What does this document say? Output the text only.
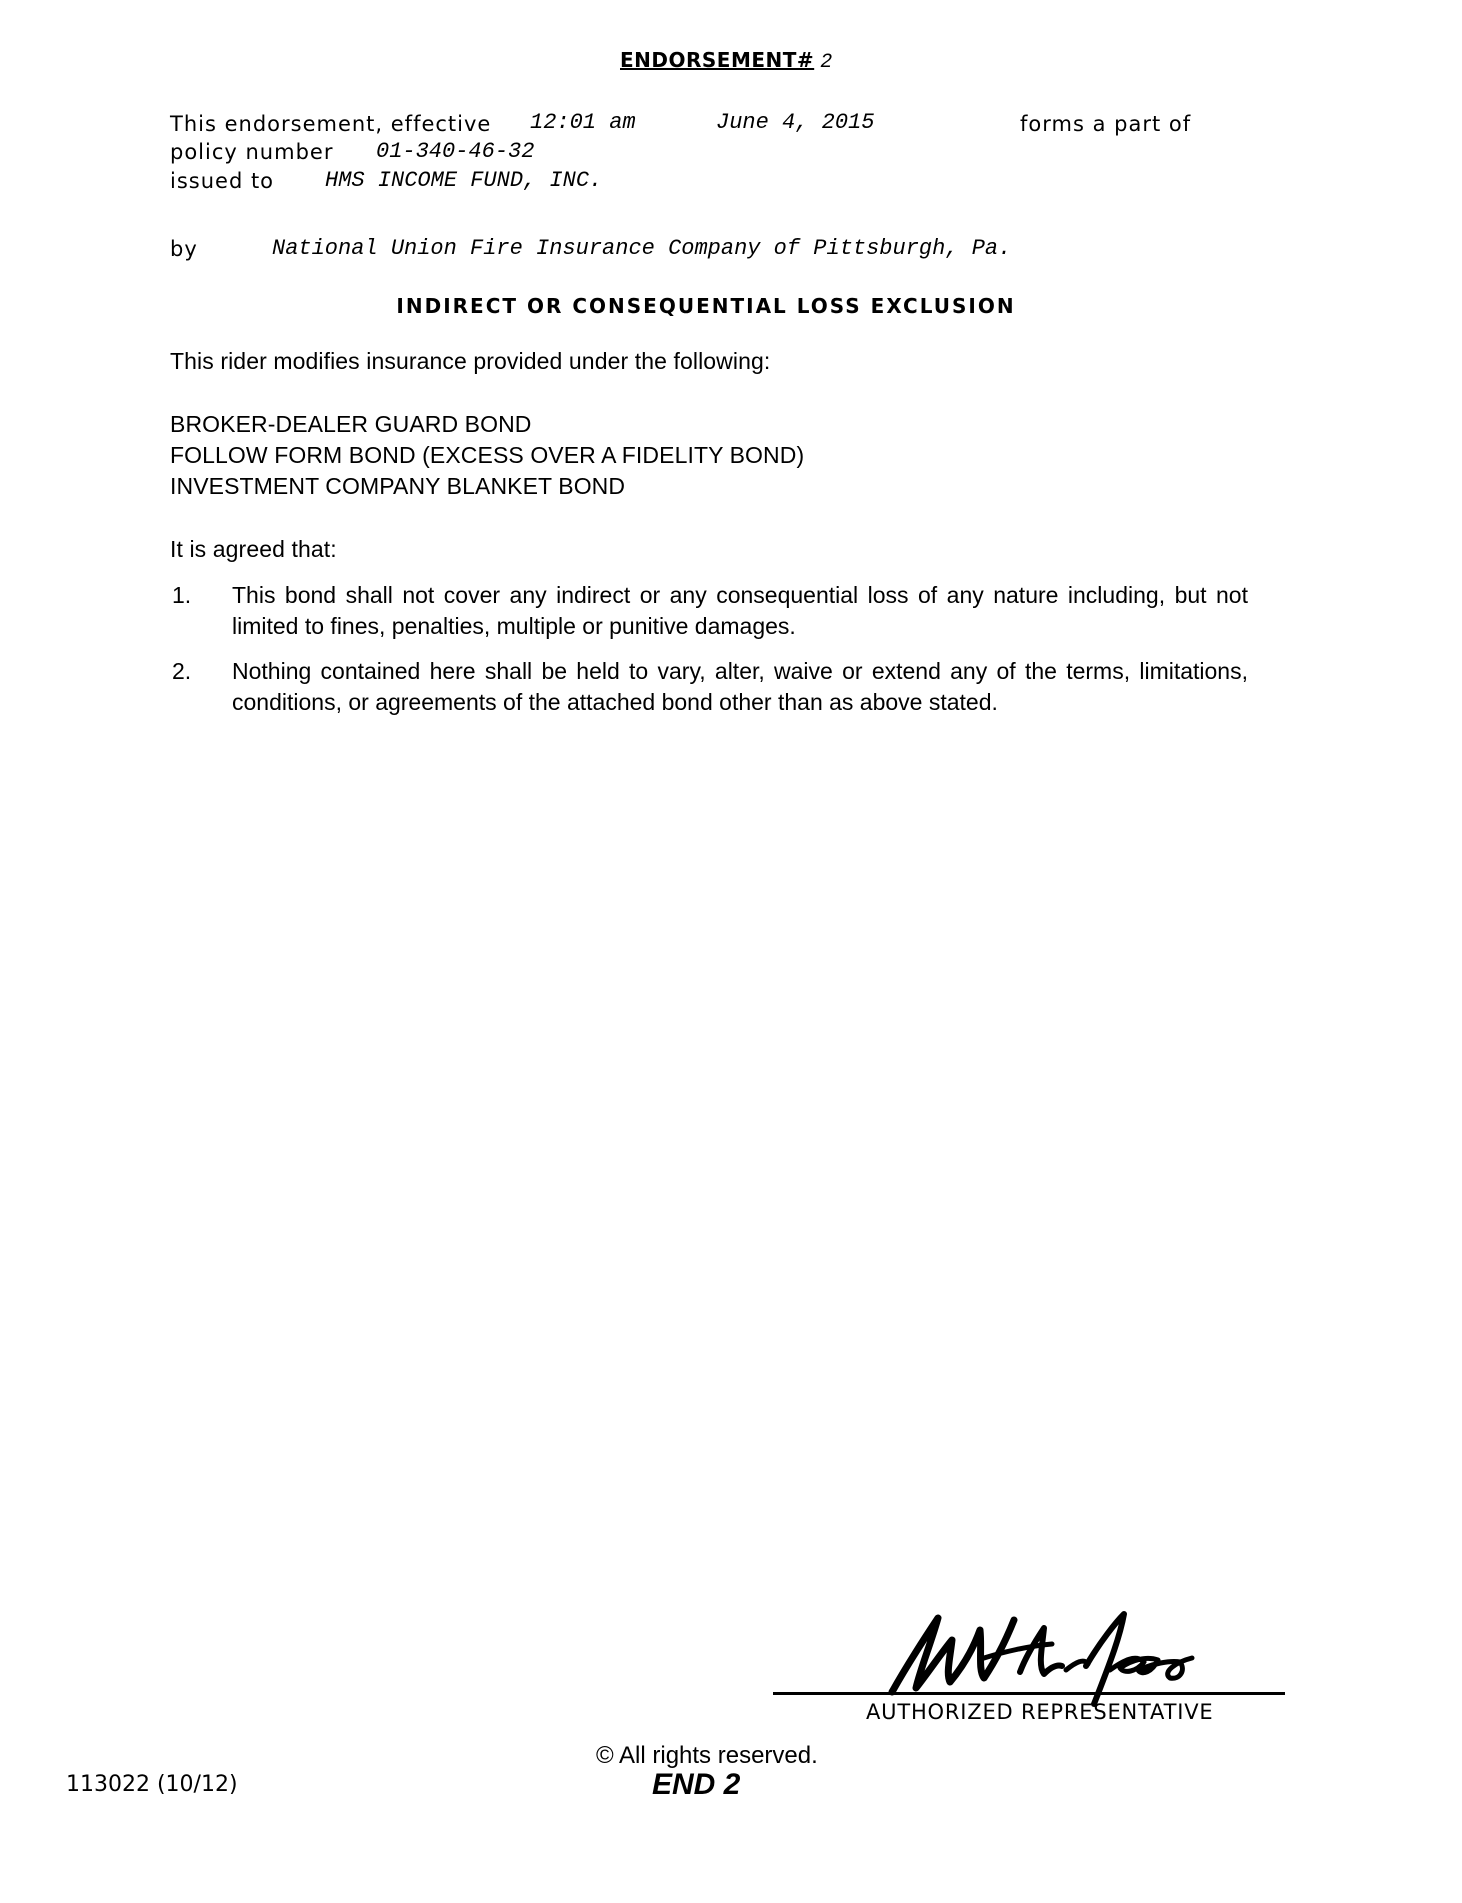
ENDORSEMENT# 2
This endorsement, effective 12:01 am	June 4, 2015	forms a part of
policy number 01-340-46-32
issued to HMS INCOME FUND, INC.
by	National Union Fire Insurance Company of Pittsburgh, Pa.
INDIRECT OR CONSEQUENTIAL LOSS EXCLUSION
This rider modifies insurance provided under the following:
BROKER-DEALER GUARD BOND
FOLLOW FORM BOND (EXCESS OVER A FIDELITY BOND)
INVESTMENT COMPANY BLANKET BOND
It is agreed that:
1. This bond shall not cover any indirect or any consequential loss of any nature including, but not limited to fines, penalties, multiple or punitive damages.
2. Nothing contained here shall be held to vary, alter, waive or extend any of the terms, limitations, conditions, or agreements of the attached bond other than as above stated.
AUTHORIZED REPRESENTATIVE
© All rights reserved.
113022 (10/12)	END 2
